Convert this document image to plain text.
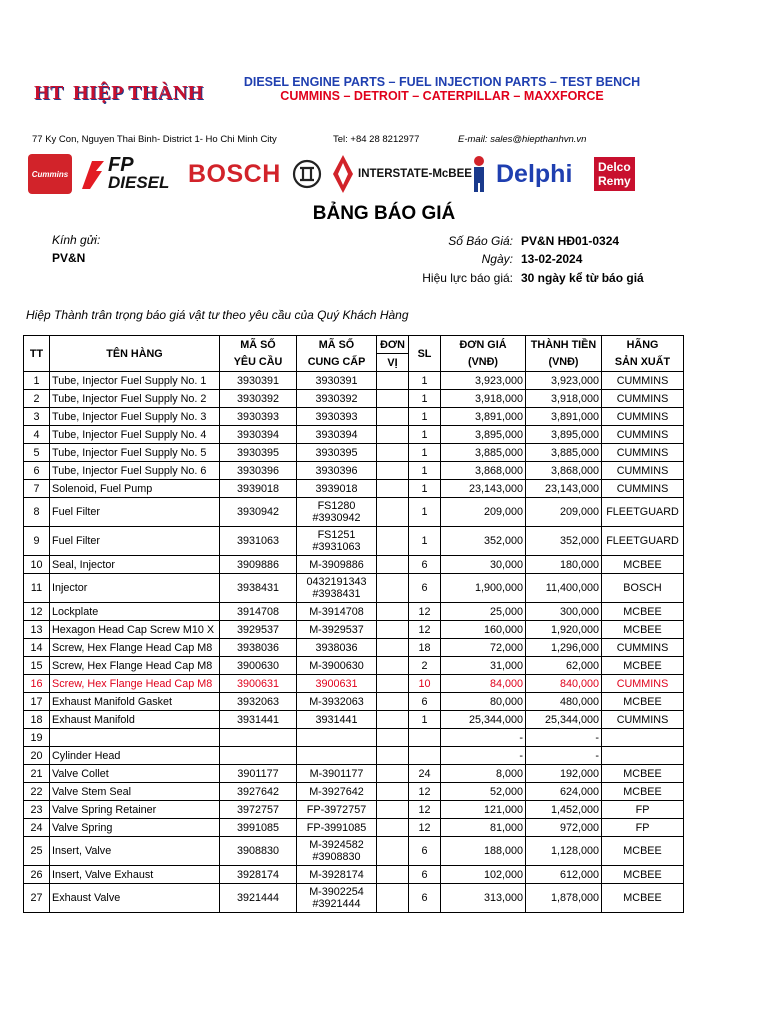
HT HIỆP THÀNH	DIESEL ENGINE PARTS – FUEL INJECTION PARTS – TEST BENCH
CUMMINS – DETROIT – CATERPILLAR – MAXXFORCE
77 Ky Con, Nguyen Thai Binh- District 1- Ho Chi Minh City	Tel: +84 28 8212977	E-mail: sales@hiepthanhvn.vn
Cummins FP
DIESEL BOSCH	INTERSTATE-McBEE Delphi Delco
Remy
BẢNG BÁO GIÁ
Kính gửi:
PV&N
Số Báo Giá: PV&N HĐ01-0324
Ngày: 13-02-2024
Hiệu lực báo giá: 30 ngày kể từ báo giá
Hiệp Thành trân trọng báo giá vật tư theo yêu cầu của Quý Khách Hàng
TT	TÊN HÀNG	MÃ SỐ	MÃ SỐ	ĐƠN	SL	ĐƠN GIÁ	THÀNH TIỀN	HÃNG
		YÊU CẦU	CUNG CẤP	VỊ		(VNĐ)	(VNĐ)	SẢN XUẤT
1	Tube, Injector Fuel Supply No. 1	3930391	3930391		1	3,923,000	3,923,000	CUMMINS
2	Tube, Injector Fuel Supply No. 2	3930392	3930392		1	3,918,000	3,918,000	CUMMINS
3	Tube, Injector Fuel Supply No. 3	3930393	3930393		1	3,891,000	3,891,000	CUMMINS
4	Tube, Injector Fuel Supply No. 4	3930394	3930394		1	3,895,000	3,895,000	CUMMINS
5	Tube, Injector Fuel Supply No. 5	3930395	3930395		1	3,885,000	3,885,000	CUMMINS
6	Tube, Injector Fuel Supply No. 6	3930396	3930396		1	3,868,000	3,868,000	CUMMINS
7	Solenoid, Fuel Pump	3939018	3939018		1	23,143,000	23,143,000	CUMMINS
8	Fuel Filter	3930942	FS1280
#3930942		1	209,000	209,000	FLEETGUARD
9	Fuel Filter	3931063	FS1251
#3931063		1	352,000	352,000	FLEETGUARD
10	Seal, Injector	3909886	M-3909886		6	30,000	180,000	MCBEE
11	Injector	3938431	0432191343
#3938431		6	1,900,000	11,400,000	BOSCH
12	Lockplate	3914708	M-3914708		12	25,000	300,000	MCBEE
13	Hexagon Head Cap Screw M10 X	3929537	M-3929537		12	160,000	1,920,000	MCBEE
14	Screw, Hex Flange Head Cap M8	3938036	3938036		18	72,000	1,296,000	CUMMINS
15	Screw, Hex Flange Head Cap M8	3900630	M-3900630		2	31,000	62,000	MCBEE
16	Screw, Hex Flange Head Cap M8	3900631	3900631		10	84,000	840,000	CUMMINS
17	Exhaust Manifold Gasket	3932063	M-3932063		6	80,000	480,000	MCBEE
18	Exhaust Manifold	3931441	3931441		1	25,344,000	25,344,000	CUMMINS
19						-	-	
20	Cylinder Head					-	-	
21	Valve Collet	3901177	M-3901177		24	8,000	192,000	MCBEE
22	Valve Stem Seal	3927642	M-3927642		12	52,000	624,000	MCBEE
23	Valve Spring Retainer	3972757	FP-3972757		12	121,000	1,452,000	FP
24	Valve Spring	3991085	FP-3991085		12	81,000	972,000	FP
25	Insert, Valve	3908830	M-3924582
#3908830		6	188,000	1,128,000	MCBEE
26	Insert, Valve Exhaust	3928174	M-3928174		6	102,000	612,000	MCBEE
27	Exhaust Valve	3921444	M-3902254
#3921444		6	313,000	1,878,000	MCBEE
